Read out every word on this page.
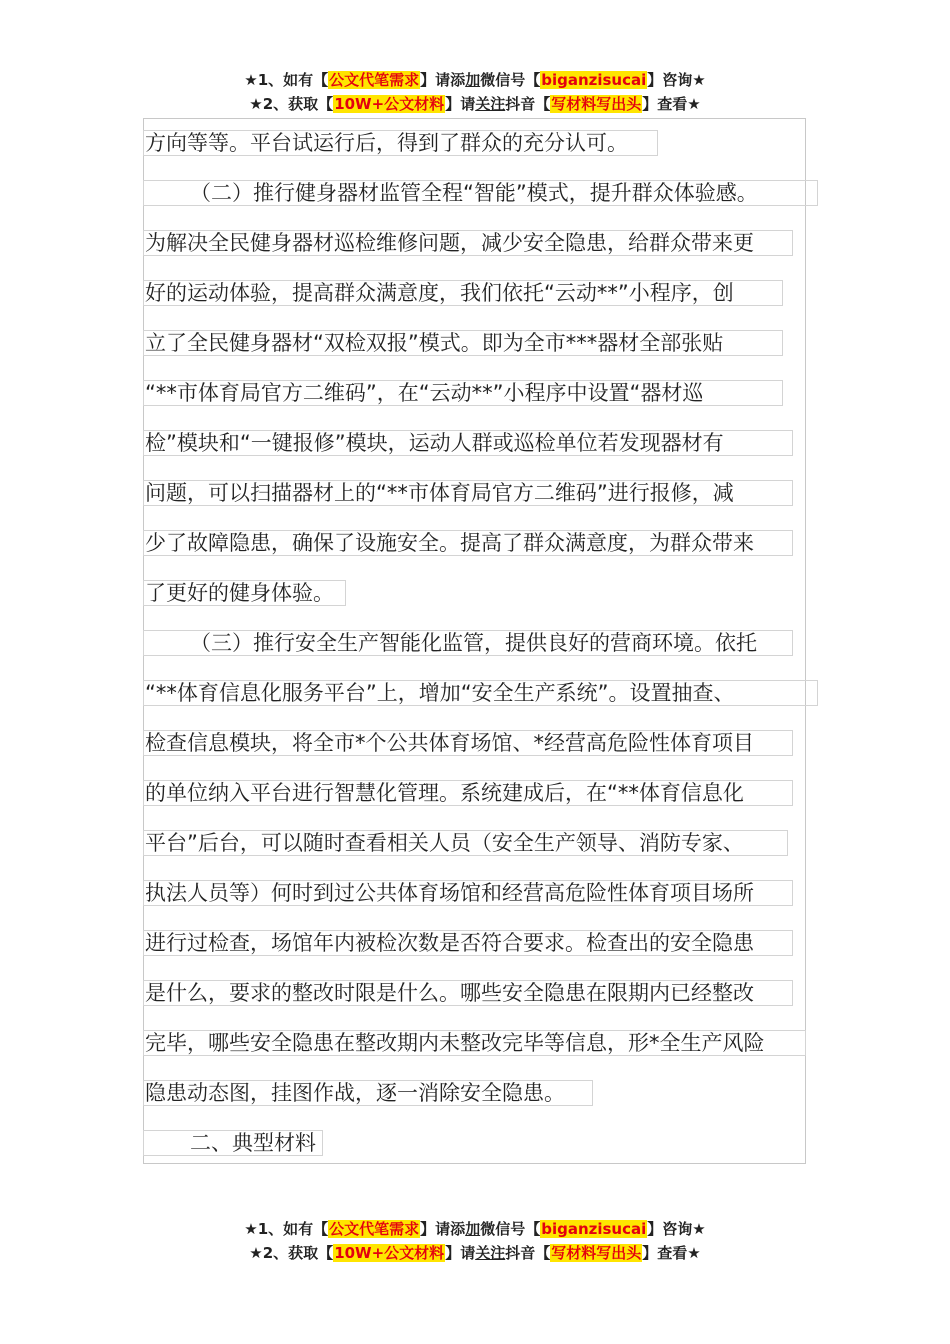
★1、如有【公文代笔需求】请添加微信号【biganzisucai】咨询★
★2、获取【10W+公文材料】请关注抖音【写材料写出头】查看★
方向等等。平台试运行后，得到了群众的充分认可。
（二）推行健身器材监管全程“智能”模式，提升群众体验感。
为解决全民健身器材巡检维修问题，减少安全隐患，给群众带来更
好的运动体验，提高群众满意度，我们依托“云动**”小程序，创
立了全民健身器材“双检双报”模式。即为全市***器材全部张贴
“**市体育局官方二维码”，在“云动**”小程序中设置“器材巡
检”模块和“一键报修”模块，运动人群或巡检单位若发现器材有
问题，可以扫描器材上的“**市体育局官方二维码”进行报修，减
少了故障隐患，确保了设施安全。提高了群众满意度，为群众带来
了更好的健身体验。
（三）推行安全生产智能化监管，提供良好的营商环境。依托
“**体育信息化服务平台”上，增加“安全生产系统”。设置抽查、
检查信息模块，将全市*个公共体育场馆、*经营高危险性体育项目
的单位纳入平台进行智慧化管理。系统建成后，在“**体育信息化
平台”后台，可以随时查看相关人员（安全生产领导、消防专家、
执法人员等）何时到过公共体育场馆和经营高危险性体育项目场所
进行过检查，场馆年内被检次数是否符合要求。检查出的安全隐患
是什么，要求的整改时限是什么。哪些安全隐患在限期内已经整改
完毕，哪些安全隐患在整改期内未整改完毕等信息，形*全生产风险
隐患动态图，挂图作战，逐一消除安全隐患。
二、典型材料
★1、如有【公文代笔需求】请添加微信号【biganzisucai】咨询★
★2、获取【10W+公文材料】请关注抖音【写材料写出头】查看★
